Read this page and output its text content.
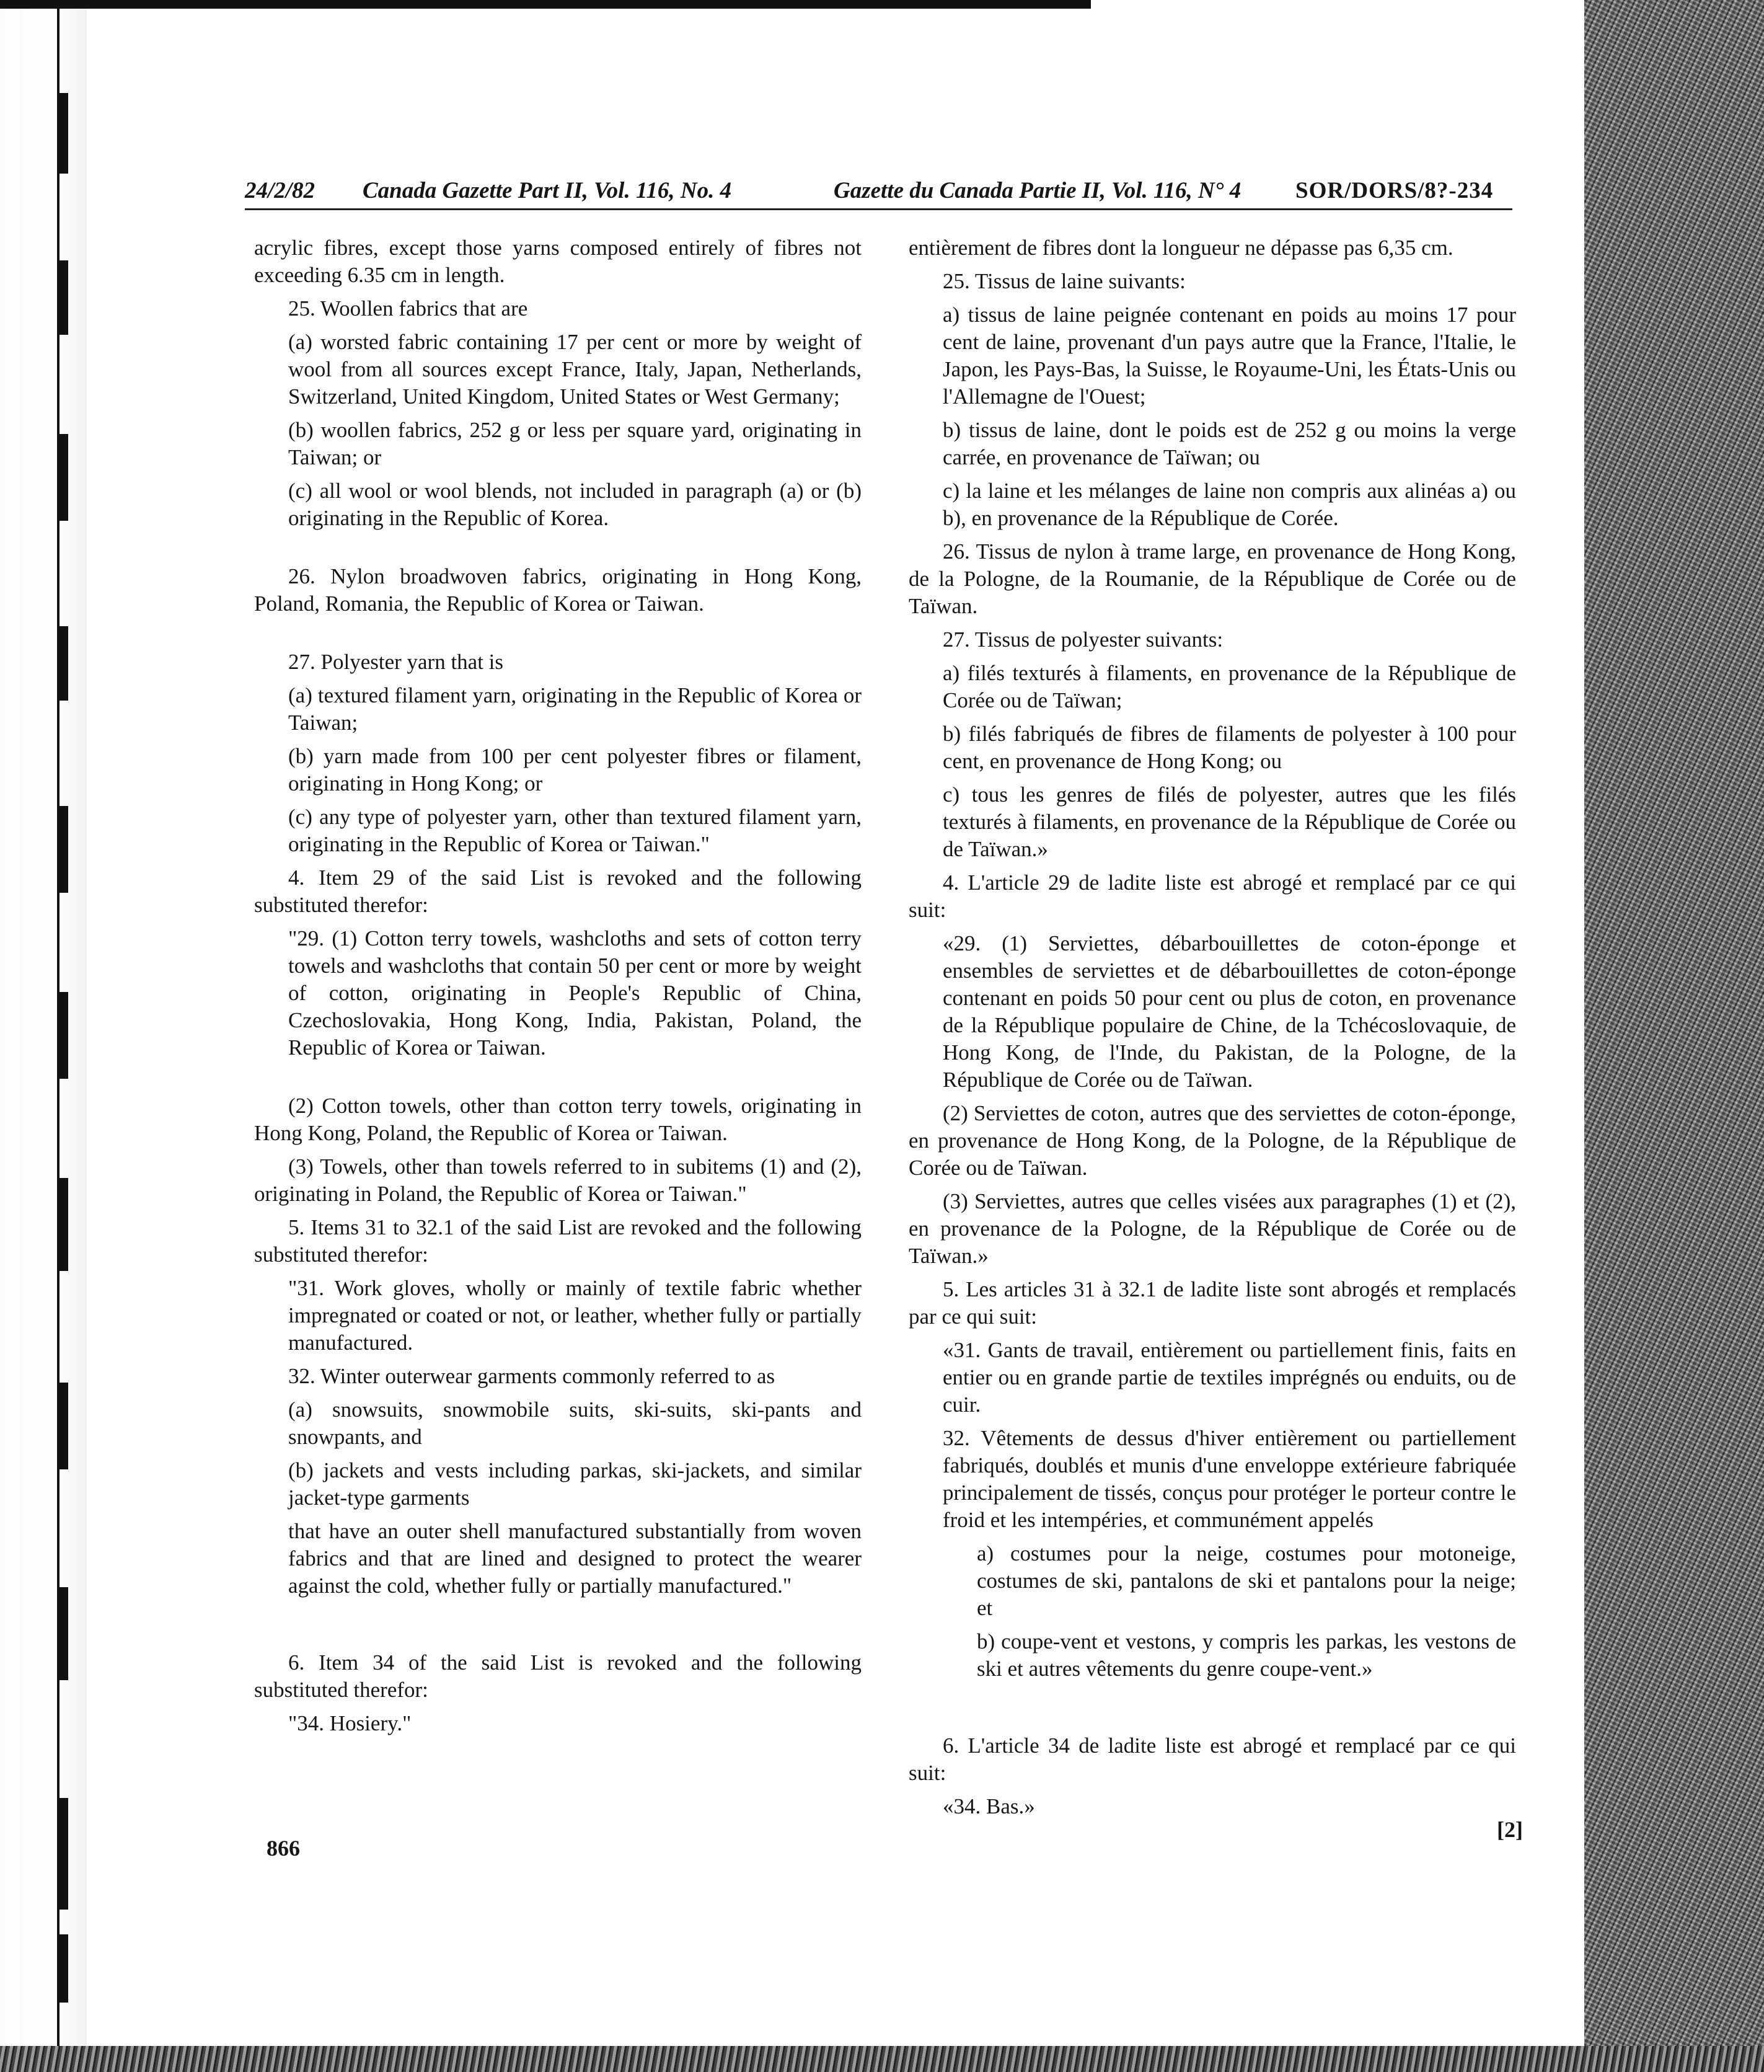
24/2/82 Canada Gazette Part II, Vol. 116, No. 4	Gazette du Canada Partie II, Vol. 116, N° 4 SOR/DORS/8?-234

acrylic fibres, except those yarns composed entirely of fibres not exceeding 6.35 cm in length.

25. Woollen fabrics that are

(a) worsted fabric containing 17 per cent or more by weight of wool from all sources except France, Italy, Japan, Netherlands, Switzerland, United Kingdom, United States or West Germany;

(b) woollen fabrics, 252 g or less per square yard, originating in Taiwan; or

(c) all wool or wool blends, not included in paragraph (a) or (b) originating in the Republic of Korea.

26. Nylon broadwoven fabrics, originating in Hong Kong, Poland, Romania, the Republic of Korea or Taiwan.

27. Polyester yarn that is

(a) textured filament yarn, originating in the Republic of Korea or Taiwan;

(b) yarn made from 100 per cent polyester fibres or filament, originating in Hong Kong; or

(c) any type of polyester yarn, other than textured filament yarn, originating in the Republic of Korea or Taiwan."

4. Item 29 of the said List is revoked and the following substituted therefor:

"29. (1) Cotton terry towels, washcloths and sets of cotton terry towels and washcloths that contain 50 per cent or more by weight of cotton, originating in People's Republic of China, Czechoslovakia, Hong Kong, India, Pakistan, Poland, the Republic of Korea or Taiwan.

(2) Cotton towels, other than cotton terry towels, originating in Hong Kong, Poland, the Republic of Korea or Taiwan.

(3) Towels, other than towels referred to in subitems (1) and (2), originating in Poland, the Republic of Korea or Taiwan."

5. Items 31 to 32.1 of the said List are revoked and the following substituted therefor:

"31. Work gloves, wholly or mainly of textile fabric whether impregnated or coated or not, or leather, whether fully or partially manufactured.

32. Winter outerwear garments commonly referred to as

(a) snowsuits, snowmobile suits, ski-suits, ski-pants and snowpants, and

(b) jackets and vests including parkas, ski-jackets, and similar jacket-type garments

that have an outer shell manufactured substantially from woven fabrics and that are lined and designed to protect the wearer against the cold, whether fully or partially manufactured."

6. Item 34 of the said List is revoked and the following substituted therefor:

"34. Hosiery."

entièrement de fibres dont la longueur ne dépasse pas 6,35 cm.

25. Tissus de laine suivants:

a) tissus de laine peignée contenant en poids au moins 17 pour cent de laine, provenant d'un pays autre que la France, l'Italie, le Japon, les Pays-Bas, la Suisse, le Royaume-Uni, les États-Unis ou l'Allemagne de l'Ouest;

b) tissus de laine, dont le poids est de 252 g ou moins la verge carrée, en provenance de Taïwan; ou

c) la laine et les mélanges de laine non compris aux alinéas a) ou b), en provenance de la République de Corée.

26. Tissus de nylon à trame large, en provenance de Hong Kong, de la Pologne, de la Roumanie, de la République de Corée ou de Taïwan.

27. Tissus de polyester suivants:

a) filés texturés à filaments, en provenance de la République de Corée ou de Taïwan;

b) filés fabriqués de fibres de filaments de polyester à 100 pour cent, en provenance de Hong Kong; ou

c) tous les genres de filés de polyester, autres que les filés texturés à filaments, en provenance de la République de Corée ou de Taïwan.»

4. L'article 29 de ladite liste est abrogé et remplacé par ce qui suit:

«29. (1) Serviettes, débarbouillettes de coton-éponge et ensembles de serviettes et de débarbouillettes de coton-éponge contenant en poids 50 pour cent ou plus de coton, en provenance de la République populaire de Chine, de la Tchécoslovaquie, de Hong Kong, de l'Inde, du Pakistan, de la Pologne, de la République de Corée ou de Taïwan.

(2) Serviettes de coton, autres que des serviettes de coton-éponge, en provenance de Hong Kong, de la Pologne, de la République de Corée ou de Taïwan.

(3) Serviettes, autres que celles visées aux paragraphes (1) et (2), en provenance de la Pologne, de la République de Corée ou de Taïwan.»

5. Les articles 31 à 32.1 de ladite liste sont abrogés et remplacés par ce qui suit:

«31. Gants de travail, entièrement ou partiellement finis, faits en entier ou en grande partie de textiles imprégnés ou enduits, ou de cuir.

32. Vêtements de dessus d'hiver entièrement ou partiellement fabriqués, doublés et munis d'une enveloppe extérieure fabriquée principalement de tissés, conçus pour protéger le porteur contre le froid et les intempéries, et communément appelés

a) costumes pour la neige, costumes pour motoneige, costumes de ski, pantalons de ski et pantalons pour la neige; et

b) coupe-vent et vestons, y compris les parkas, les vestons de ski et autres vêtements du genre coupe-vent.»

6. L'article 34 de ladite liste est abrogé et remplacé par ce qui suit:

«34. Bas.»

866
[2]
